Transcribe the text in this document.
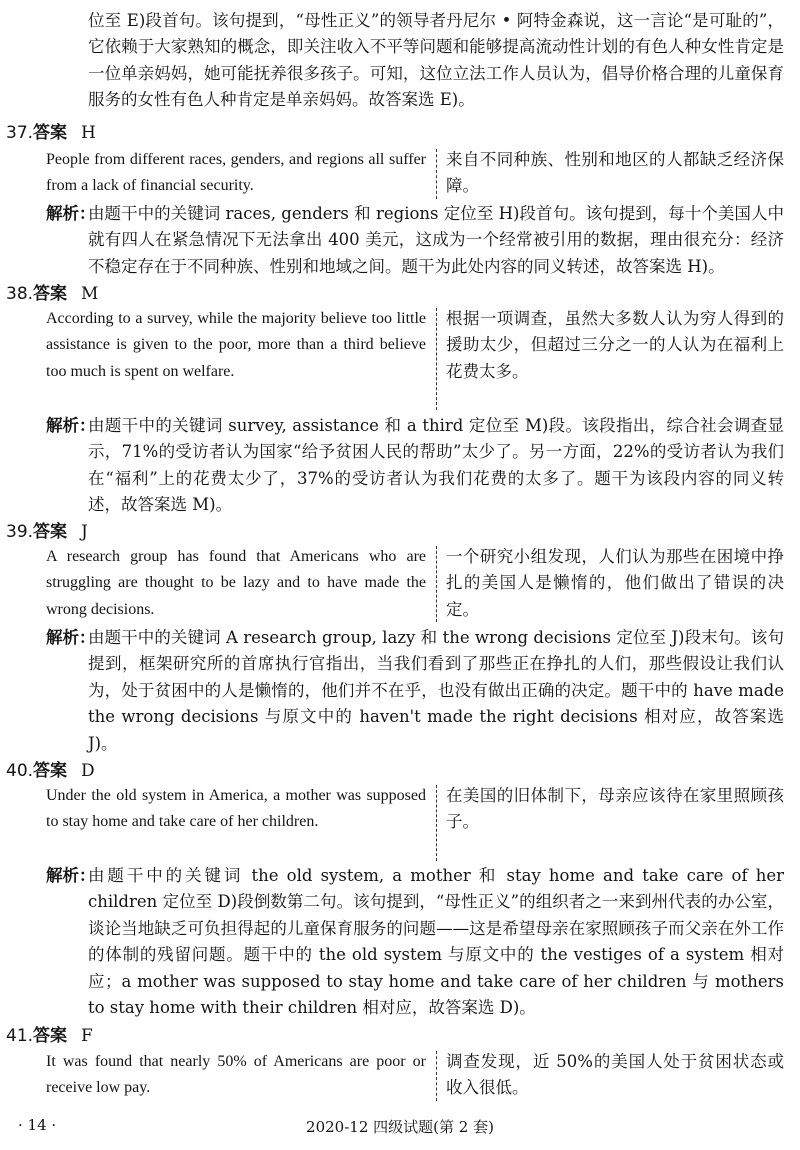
位至 E)段首句。该句提到，“母性正义”的领导者丹尼尔 • 阿特金森说，这一言论“是可耻的”，它依赖于大家熟知的概念，即关注收入不平等问题和能够提高流动性计划的有色人种女性肯定是一位单亲妈妈，她可能抚养很多孩子。可知，这位立法工作人员认为，倡导价格合理的儿童保育服务的女性有色人种肯定是单亲妈妈。故答案选 E)。
37.答案 H
People from different races, genders, and regions all suffer from a lack of financial security.
来自不同种族、性别和地区的人都缺乏经济保障。
解析：
由题干中的关键词 races, genders 和 regions 定位至 H)段首句。该句提到，每十个美国人中就有四人在紧急情况下无法拿出 400 美元，这成为一个经常被引用的数据，理由很充分：经济不稳定存在于不同种族、性别和地域之间。题干为此处内容的同义转述，故答案选 H)。
38.答案 M
According to a survey, while the majority believe too little assistance is given to the poor, more than a third believe too much is spent on welfare.
根据一项调查，虽然大多数人认为穷人得到的援助太少，但超过三分之一的人认为在福利上花费太多。
解析：
由题干中的关键词 survey, assistance 和 a third 定位至 M)段。该段指出，综合社会调查显示，71%的受访者认为国家“给予贫困人民的帮助”太少了。另一方面，22%的受访者认为我们在“福利”上的花费太少了，37%的受访者认为我们花费的太多了。题干为该段内容的同义转述，故答案选 M)。
39.答案 J
A research group has found that Americans who are struggling are thought to be lazy and to have made the wrong decisions.
一个研究小组发现，人们认为那些在困境中挣扎的美国人是懒惰的，他们做出了错误的决定。
解析：
由题干中的关键词 A research group, lazy 和 the wrong decisions 定位至 J)段末句。该句提到，框架研究所的首席执行官指出，当我们看到了那些正在挣扎的人们，那些假设让我们认为，处于贫困中的人是懒惰的，他们并不在乎，也没有做出正确的决定。题干中的 have made the wrong decisions 与原文中的 haven't made the right decisions 相对应，故答案选 J)。
40.答案 D
Under the old system in America, a mother was supposed to stay home and take care of her children.
在美国的旧体制下，母亲应该待在家里照顾孩子。
解析：
由题干中的关键词 the old system, a mother 和 stay home and take care of her children 定位至 D)段倒数第二句。该句提到，“母性正义”的组织者之一来到州代表的办公室，谈论当地缺乏可负担得起的儿童保育服务的问题——这是希望母亲在家照顾孩子而父亲在外工作的体制的残留问题。题干中的 the old system 与原文中的 the vestiges of a system 相对应；a mother was supposed to stay home and take care of her children 与 mothers to stay home with their children 相对应，故答案选 D)。
41.答案 F
It was found that nearly 50% of Americans are poor or receive low pay.
调查发现，近 50%的美国人处于贫困状态或收入很低。
· 14 ·	2020-12 四级试题(第 2 套)
